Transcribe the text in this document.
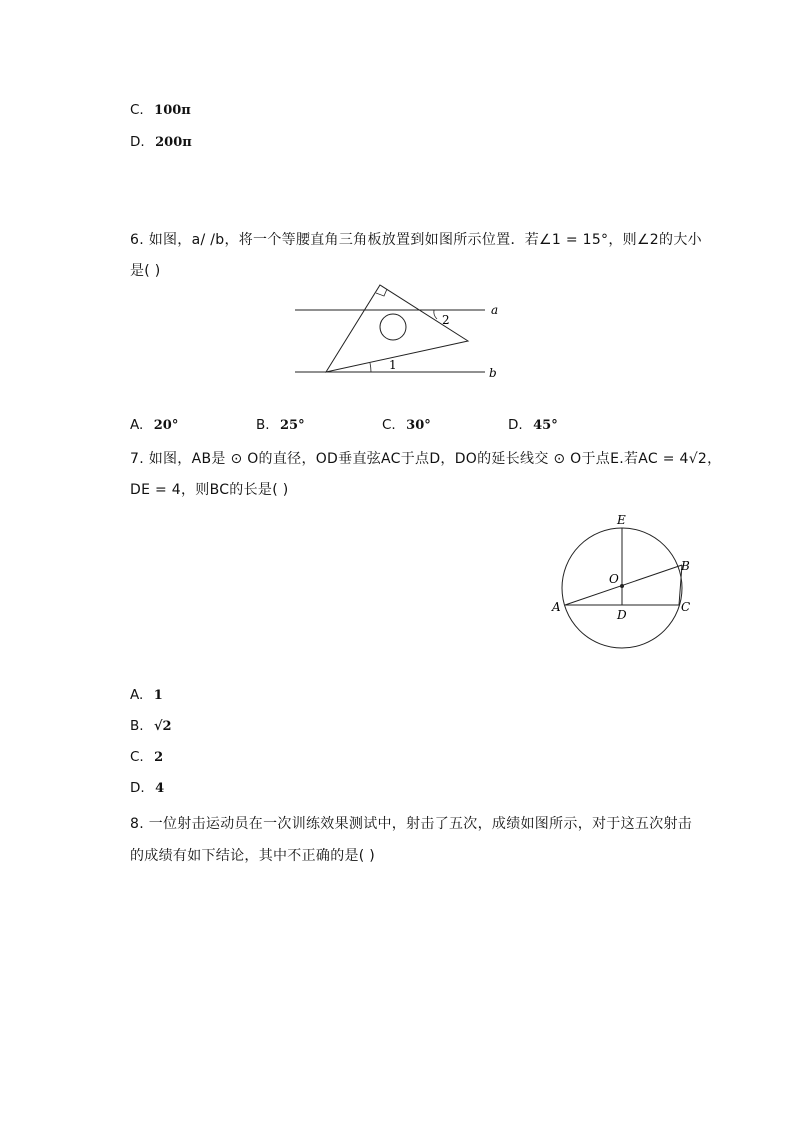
C. 100π
D. 200π
6. 如图，a/ /b，将一个等腰直角三角板放置到如图所示位置．若∠1 = 15°，则∠2的大小
是( )
a
b
1
2
A. 20°	B. 25°	C. 30°	D. 45°
7. 如图，AB是 ⊙ O的直径，OD垂直弦AC于点D，DO的延长线交 ⊙ O于点E.若AC = 4√2，
DE = 4，则BC的长是( )
E
B
O
A
D
C
A. 1
B. √2
C. 2
D. 4
8. 一位射击运动员在一次训练效果测试中，射击了五次，成绩如图所示，对于这五次射击
的成绩有如下结论，其中不正确的是( )
